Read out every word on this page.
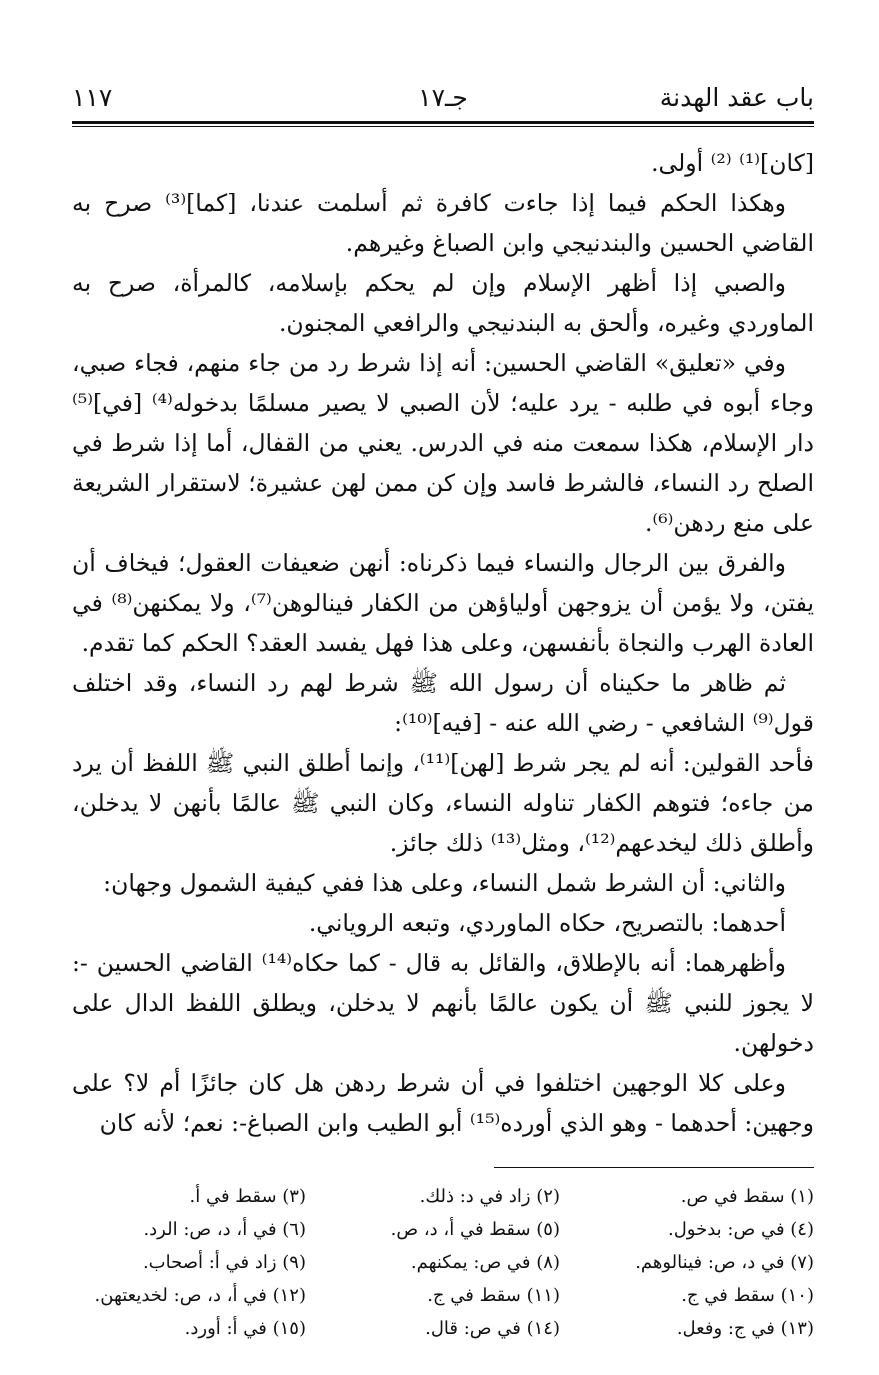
باب عقد الهدنة
جـ١٧
١١٧

[كان]⁽¹⁾ ⁽²⁾ أولى.

وهكذا الحكم فيما إذا جاءت كافرة ثم أسلمت عندنا، [كما]⁽³⁾ صرح به القاضي الحسين والبندنيجي وابن الصباغ وغيرهم.

والصبي إذا أظهر الإسلام وإن لم يحكم بإسلامه، كالمرأة، صرح به الماوردي وغيره، وألحق به البندنيجي والرافعي المجنون.

وفي «تعليق» القاضي الحسين: أنه إذا شرط رد من جاء منهم، فجاء صبي، وجاء أبوه في طلبه - يرد عليه؛ لأن الصبي لا يصير مسلمًا بدخوله⁽⁴⁾ [في]⁽⁵⁾ دار الإسلام، هكذا سمعت منه في الدرس. يعني من القفال، أما إذا شرط في الصلح رد النساء، فالشرط فاسد وإن كن ممن لهن عشيرة؛ لاستقرار الشريعة على منع ردهن⁽⁶⁾.

والفرق بين الرجال والنساء فيما ذكرناه: أنهن ضعيفات العقول؛ فيخاف أن يفتن، ولا يؤمن أن يزوجهن أولياؤهن من الكفار فينالوهن⁽⁷⁾، ولا يمكنهن⁽⁸⁾ في العادة الهرب والنجاة بأنفسهن، وعلى هذا فهل يفسد العقد؟ الحكم كما تقدم.

ثم ظاهر ما حكيناه أن رسول الله ﷺ شرط لهم رد النساء، وقد اختلف قول⁽⁹⁾ الشافعي - رضي الله عنه - [فيه]⁽¹⁰⁾:

فأحد القولين: أنه لم يجر شرط [لهن]⁽¹¹⁾، وإنما أطلق النبي ﷺ اللفظ أن يرد من جاءه؛ فتوهم الكفار تناوله النساء، وكان النبي ﷺ عالمًا بأنهن لا يدخلن، وأطلق ذلك ليخدعهم⁽¹²⁾، ومثل⁽¹³⁾ ذلك جائز.

والثاني: أن الشرط شمل النساء، وعلى هذا ففي كيفية الشمول وجهان:

أحدهما: بالتصريح، حكاه الماوردي، وتبعه الروياني.

وأظهرهما: أنه بالإطلاق، والقائل به قال - كما حكاه⁽¹⁴⁾ القاضي الحسين -: لا يجوز للنبي ﷺ أن يكون عالمًا بأنهم لا يدخلن، ويطلق اللفظ الدال على دخولهن.

وعلى كلا الوجهين اختلفوا في أن شرط ردهن هل كان جائزًا أم لا؟ على وجهين: أحدهما - وهو الذي أورده⁽¹⁵⁾ أبو الطيب وابن الصباغ-: نعم؛ لأنه كان

(١) سقط في ص.
(٢) زاد في د: ذلك.
(٣) سقط في أ.
(٤) في ص: بدخول.
(٥) سقط في أ، د، ص.
(٦) في أ، د، ص: الرد.
(٧) في د، ص: فينالوهم.
(٨) في ص: يمكنهم.
(٩) زاد في أ: أصحاب.
(١٠) سقط في ج.
(١١) سقط في ج.
(١٢) في أ، د، ص: لخديعتهن.
(١٣) في ج: وفعل.
(١٤) في ص: قال.
(١٥) في أ: أورد.
